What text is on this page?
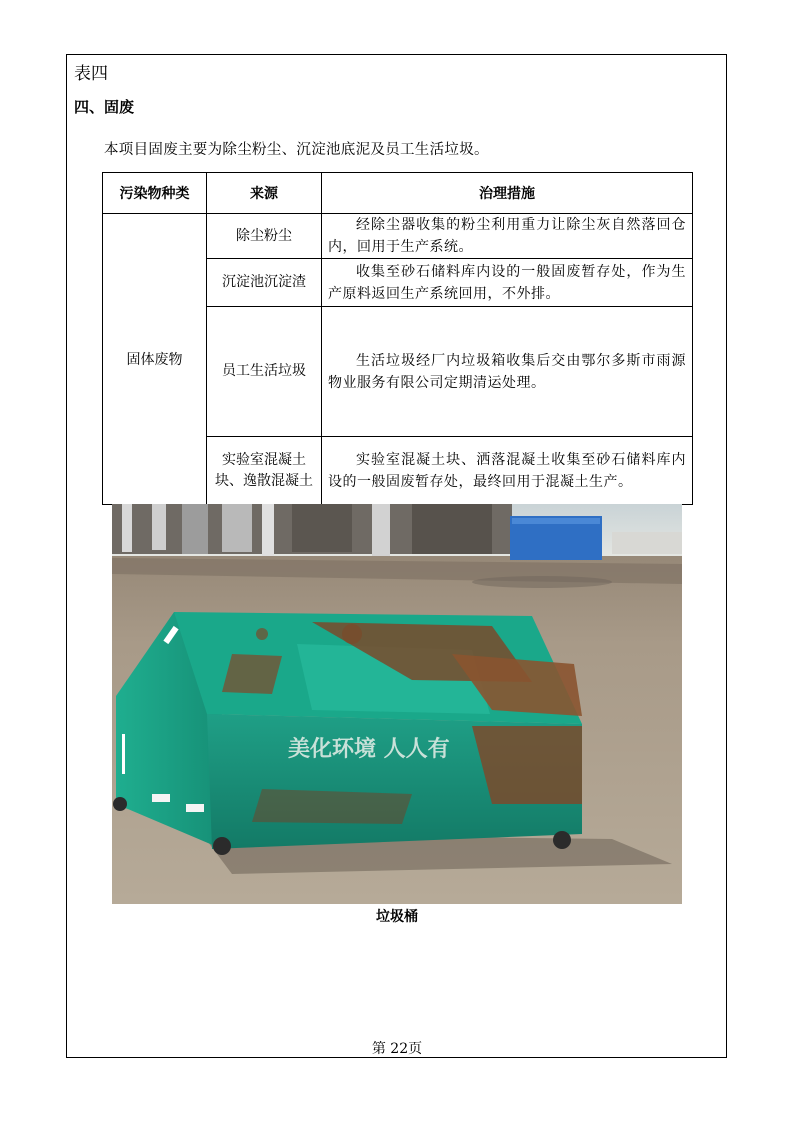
表四
四、固废
本项目固废主要为除尘粉尘、沉淀池底泥及员工生活垃圾。
污染物种类	来源	治理措施
固体废物	除尘粉尘	经除尘器收集的粉尘利用重力让除尘灰自然落回仓内，回用于生产系统。
	沉淀池沉淀渣	收集至砂石储料库内设的一般固废暂存处，作为生产原料返回生产系统回用，不外排。
	员工生活垃圾	生活垃圾经厂内垃圾箱收集后交由鄂尔多斯市雨源物业服务有限公司定期清运处理。
	实验室混凝土块、逸散混凝土	实验室混凝土块、洒落混凝土收集至砂石储料库内设的一般固废暂存处，最终回用于混凝土生产。
美化环境 人人有
垃圾桶
第 22页
